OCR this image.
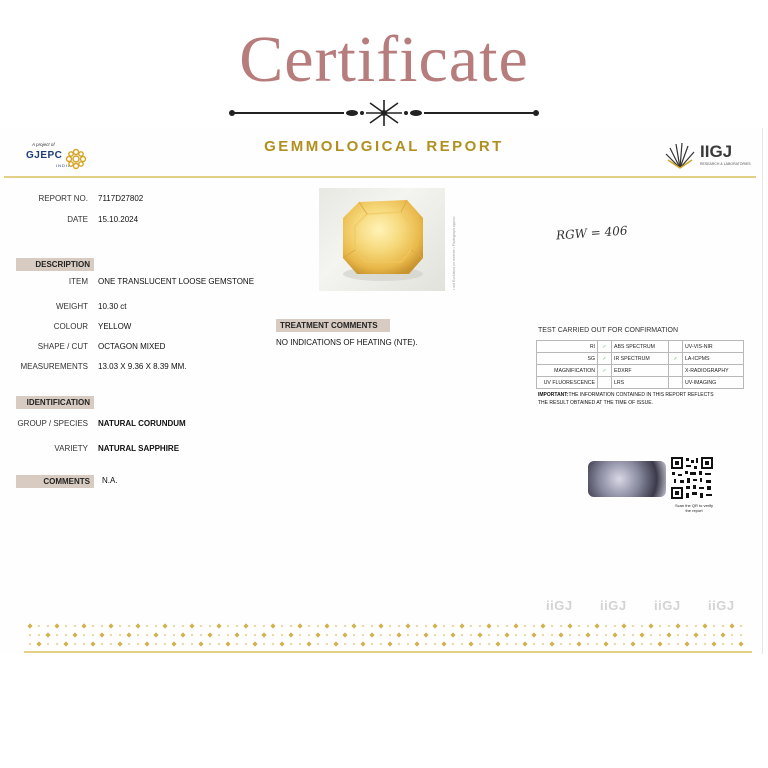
Certificate
A project of
GJEPC
INDIA
GEMMOLOGICAL REPORT	IIGJ
RESEARCH & LABORATORIES
REPORT NO. 7117D27802
DATE 15.10.2024
DESCRIPTION
ITEM ONE TRANSLUCENT LOOSE GEMSTONE
WEIGHT 10.30 ct
COLOUR YELLOW
SHAPE / CUT OCTAGON MIXED
MEASUREMENTS 13.03 X 9.36 X 8.39 MM.
IDENTIFICATION
GROUP / SPECIES NATURAL CORUNDUM
VARIETY NATURAL SAPPHIRE
COMMENTS	N.A.
• not Exclusion on reverse • Photograph approx	RGW = 406
TREATMENT COMMENTS
NO INDICATIONS OF HEATING (NTE).
TEST CARRIED OUT FOR CONFIRMATION
RI	✓	ABS SPECTRUM		UV-VIS-NIR
SG	✓	IR SPECTRUM	✓	LA-ICPMS
MAGNIFICATION	✓	EDXRF		X-RADIOGRAPHY
UV FLUORESCENCE		LRS		UV-IMAGING
IMPORTANT:THE INFORMATION CONTAINED IN THIS REPORT REFLECTS THE RESULT OBTAINED AT THE TIME OF ISSUE.
Scan the QR to verify the report
iiGJ iiGJ iiGJ iiGJ
